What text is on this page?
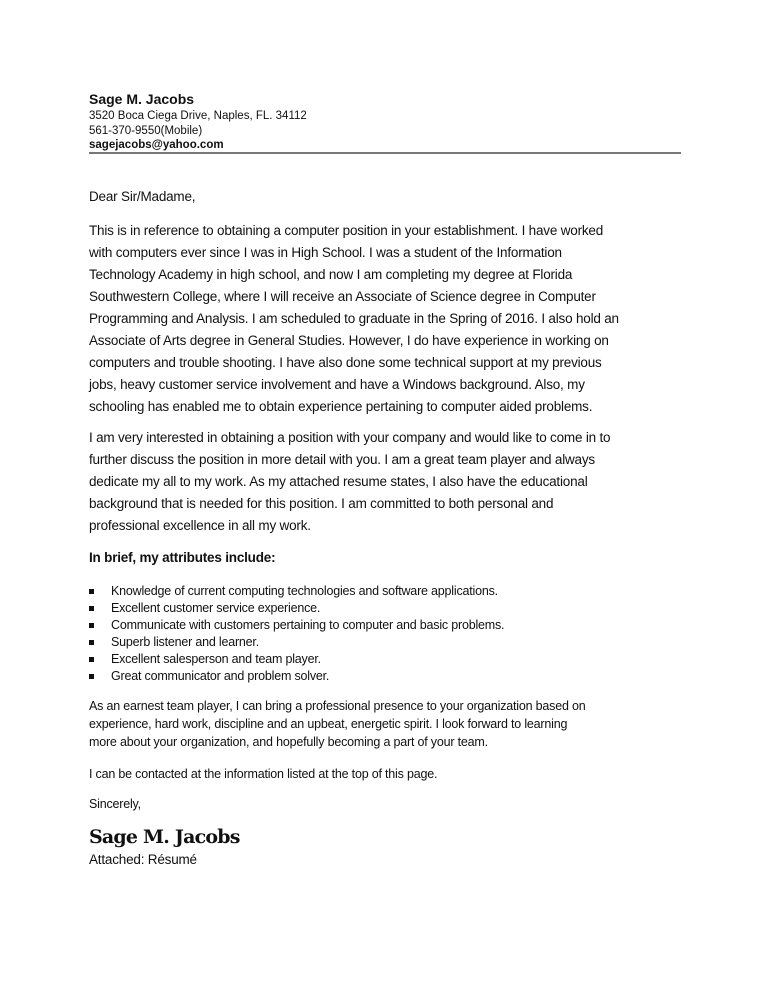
Sage M. Jacobs
3520 Boca Ciega Drive, Naples, FL. 34112
561-370-9550(Mobile)
sagejacobs@yahoo.com
Dear Sir/Madame,
This is in reference to obtaining a computer position in your establishment. I have worked
with computers ever since I was in High School. I was a student of the Information
Technology Academy in high school, and now I am completing my degree at Florida
Southwestern College, where I will receive an Associate of Science degree in Computer
Programming and Analysis. I am scheduled to graduate in the Spring of 2016. I also hold an
Associate of Arts degree in General Studies. However, I do have experience in working on
computers and trouble shooting. I have also done some technical support at my previous
jobs, heavy customer service involvement and have a Windows background. Also, my
schooling has enabled me to obtain experience pertaining to computer aided problems.
I am very interested in obtaining a position with your company and would like to come in to
further discuss the position in more detail with you. I am a great team player and always
dedicate my all to my work. As my attached resume states, I also have the educational
background that is needed for this position. I am committed to both personal and
professional excellence in all my work.
In brief, my attributes include:
Knowledge of current computing technologies and software applications.
Excellent customer service experience.
Communicate with customers pertaining to computer and basic problems.
Superb listener and learner.
Excellent salesperson and team player.
Great communicator and problem solver.
As an earnest team player, I can bring a professional presence to your organization based on
experience, hard work, discipline and an upbeat, energetic spirit. I look forward to learning
more about your organization, and hopefully becoming a part of your team.
I can be contacted at the information listed at the top of this page.
Sincerely,
Sage M. Jacobs
Attached: Résumé
